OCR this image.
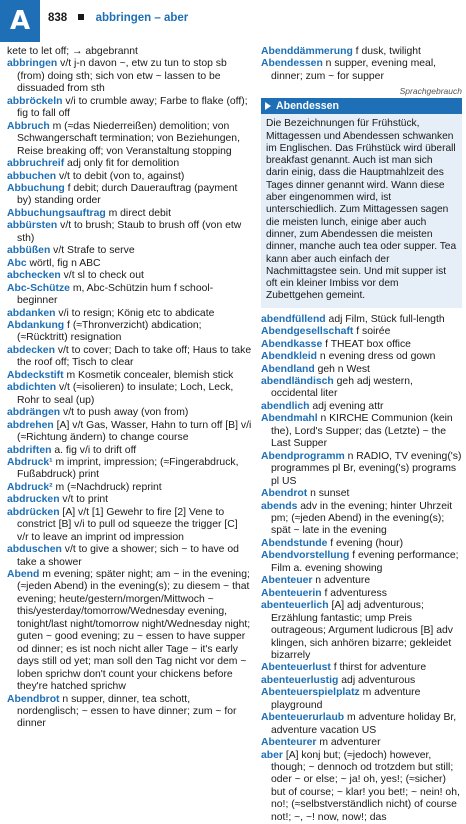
A	838 abbringen – aber
kete to let off; → abgebrannt
abbringen v/t j-n davon ~, etw zu tun to stop sb (from) doing sth; sich von etw ~ lassen to be dissuaded from sth
abbröckeln v/i to crumble away; Farbe to flake (off); fig to fall off
Abbruch m (≈das Niederreißen) demolition; von Schwangerschaft termination; von Beziehungen, Reise breaking off; von Veranstaltung stopping
abbruchreif adj only fit for demolition
abbuchen v/t to debit (von to, against)
Abbuchung f debit; durch Dauerauftrag (payment by) standing order
Abbuchungsauftrag m direct debit
abbürsten v/t to brush; Staub to brush off (von etw sth)
abbüßen v/t Strafe to serve
Abc wörtl, fig n ABC
abchecken v/t sl to check out
Abc-Schütze m, Abc-Schützin hum f school-beginner
abdanken v/i to resign; König etc to abdicate
Abdankung f (≈Thronverzicht) abdication; (≈Rücktritt) resignation
abdecken v/t to cover; Dach to take off; Haus to take the roof off; Tisch to clear
Abdeckstift m Kosmetik concealer, blemish stick
abdichten v/t (≈isolieren) to insulate; Loch, Leck, Rohr to seal (up)
abdrängen v/t to push away (von from)
abdrehen [A] v/t Gas, Wasser, Hahn to turn off [B] v/i (≈Richtung ändern) to change course
abdriften a. fig v/i to drift off
Abdruck¹ m imprint, impression; (≈Fingerabdruck, Fußabdruck) print
Abdruck² m (≈Nachdruck) reprint
abdrucken v/t to print
abdrücken [A] v/t [1] Gewehr to fire [2] Vene to constrict [B] v/i to pull od squeeze the trigger [C] v/r to leave an imprint od impression
abduschen v/t to give a shower; sich ~ to have od take a shower
Abend m evening; später night; am ~ in the evening; (≈jeden Abend) in the evening(s); zu diesem ~ that evening; heute/gestern/morgen/Mittwoch ~ this/yesterday/tomorrow/Wednesday evening, tonight/last night/tomorrow night/Wednesday night; guten ~ good evening; zu ~ essen to have supper od dinner; es ist noch nicht aller Tage ~ it's early days still od yet; man soll den Tag nicht vor dem ~ loben sprichw don't count your chickens before they're hatched sprichw
Abendbrot n supper, dinner, tea schott, nordenglisch; ~ essen to have dinner; zum ~ for dinner
Abenddämmerung f dusk, twilight
Abendessen n supper, evening meal, dinner; zum ~ for supper
Sprachgebrauch
Abendessen
Die Bezeichnungen für Frühstück, Mittagessen und Abendessen schwanken im Englischen. Das Frühstück wird überall breakfast genannt. Auch ist man sich darin einig, dass die Hauptmahlzeit des Tages dinner genannt wird. Wann diese aber eingenommen wird, ist unterschiedlich. Zum Mittagessen sagen die meisten lunch, einige aber auch dinner, zum Abendessen die meisten dinner, manche auch tea oder supper. Tea kann aber auch einfach der Nachmittagstee sein. Und mit supper ist oft ein kleiner Imbiss vor dem Zubettgehen gemeint.
abendfüllend adj Film, Stück full-length
Abendgesellschaft f soirée
Abendkasse f THEAT box office
Abendkleid n evening dress od gown
Abendland geh n West
abendländisch geh adj western, occidental liter
abendlich adj evening attr
Abendmahl n KIRCHE Communion (kein the), Lord's Supper; das (Letzte) ~ the Last Supper
Abendprogramm n RADIO, TV evening('s) programmes pl Br, evening('s) programs pl US
Abendrot n sunset
abends adv in the evening; hinter Uhrzeit pm; (≈jeden Abend) in the evening(s); spät ~ late in the evening
Abendstunde f evening (hour)
Abendvorstellung f evening performance; Film a. evening showing
Abenteuer n adventure
Abenteuerin f adventuress
abenteuerlich [A] adj adventurous; Erzählung fantastic; ump Preis outrageous; Argument ludicrous [B] adv klingen, sich anhören bizarre; gekleidet bizarrely
Abenteuerlust f thirst for adventure
abenteuerlustig adj adventurous
Abenteuerspielplatz m adventure playground
Abenteuerurlaub m adventure holiday Br, adventure vacation US
Abenteurer m adventurer
aber [A] konj but; (≈jedoch) however, though; ~ dennoch od trotzdem but still; oder ~ or else; ~ ja! oh, yes!; (≈sicher) but of course; ~ klar! you bet!; ~ nein! oh, no!; (≈selbstverständlich nicht) of course not!; ~, ~! now, now!; das
